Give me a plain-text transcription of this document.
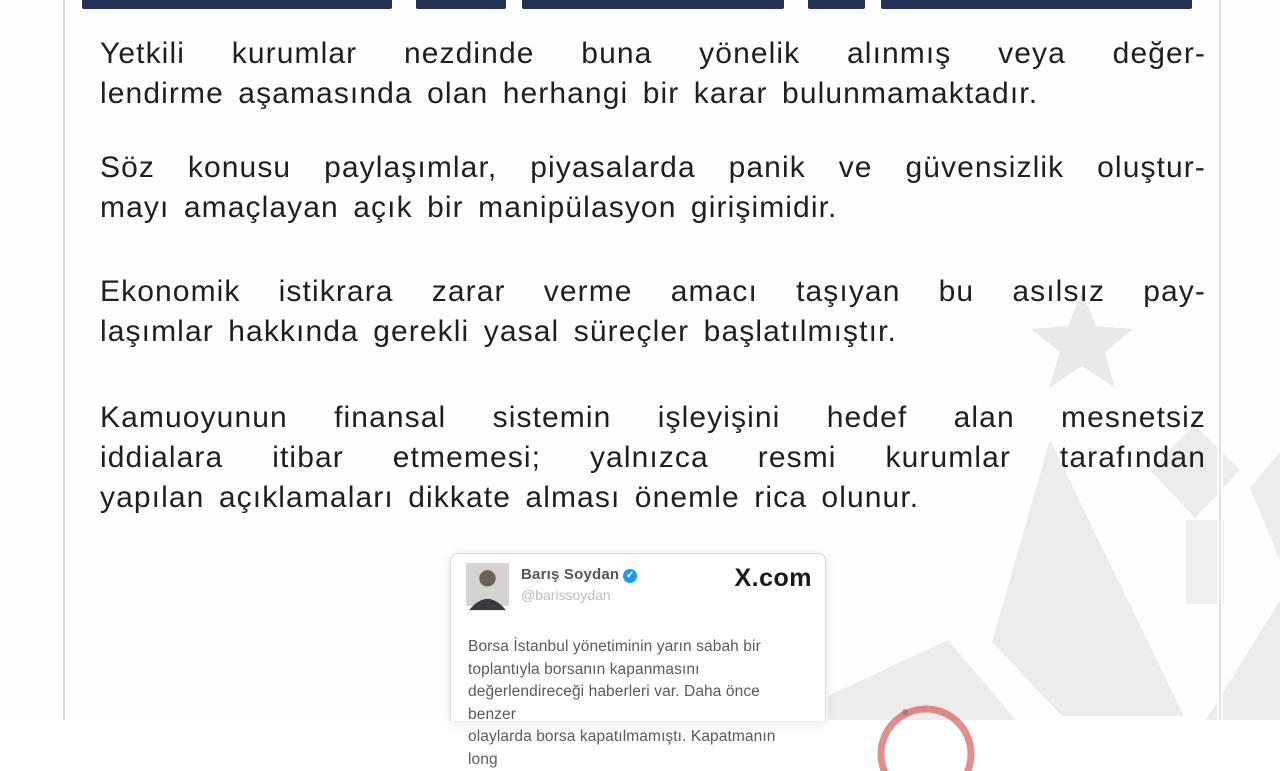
Yetkili kurumlar nezdinde buna yönelik alınmış veya değer-
lendirme aşamasında olan herhangi bir karar bulunmamaktadır.
Söz konusu paylaşımlar, piyasalarda panik ve güvensizlik oluştur-
mayı amaçlayan açık bir manipülasyon girişimidir.
Ekonomik istikrara zarar verme amacı taşıyan bu asılsız pay-
laşımlar hakkında gerekli yasal süreçler başlatılmıştır.
Kamuoyunun finansal sistemin işleyişini hedef alan mesnetsiz
iddialara itibar etmemesi; yalnızca resmi kurumlar tarafından
yapılan açıklamaları dikkate alması önemle rica olunur.
Barış Soydan ✓
@barissoydan
X.com
Borsa İstanbul yönetiminin yarın sabah bir
toplantıyla borsanın kapanmasını
değerlendireceği haberleri var. Daha önce benzer
olaylarda borsa kapatılmamıştı. Kapatmanın long
